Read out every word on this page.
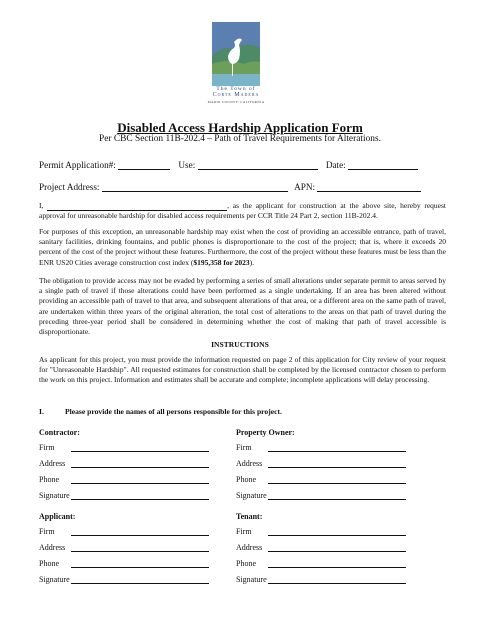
The Town of
Corte Madera
MARIN COUNTY, CALIFORNIA
Disabled Access Hardship Application Form
Per CBC Section 11B-202.4 – Path of Travel Requirements for Alterations.
Permit Application#:	Use:	Date:
Project Address:	APN:
I,	, as the applicant for construction at the above site, hereby request approval for unreasonable hardship for disabled access requirements per CCR Title 24 Part 2, section 11B-202.4.
For purposes of this exception, an unreasonable hardship may exist when the cost of providing an accessible entrance, path of travel, sanitary facilities, drinking fountains, and public phones is disproportionate to the cost of the project; that is, where it exceeds 20 percent of the cost of the project without these features. Furthermore, the cost of the project without these features must be less than the ENR US20 Cities average construction cost index ($195,358 for 2023).
The obligation to provide access may not be evaded by performing a series of small alterations under separate permit to areas served by a single path of travel if those alterations could have been performed as a single undertaking. If an area has been altered without providing an accessible path of travel to that area, and subsequent alterations of that area, or a different area on the same path of travel, are undertaken within three years of the original alteration, the total cost of alterations to the areas on that path of travel during the preceding three-year period shall be considered in determining whether the cost of making that path of travel accessible is disproportionate.
INSTRUCTIONS
As applicant for this project, you must provide the information requested on page 2 of this application for City review of your request for "Unreasonable Hardship". All requested estimates for construction shall be completed by the licensed contractor chosen to perform the work on this project. Information and estimates shall be accurate and complete; incomplete applications will delay processing.
I.	Please provide the names of all persons responsible for this project.
Contractor:
Firm
Address
Phone
Signature
Property Owner:
Firm
Address
Phone
Signature
Applicant:
Firm
Address
Phone
Signature
Tenant:
Firm
Address
Phone
Signature
